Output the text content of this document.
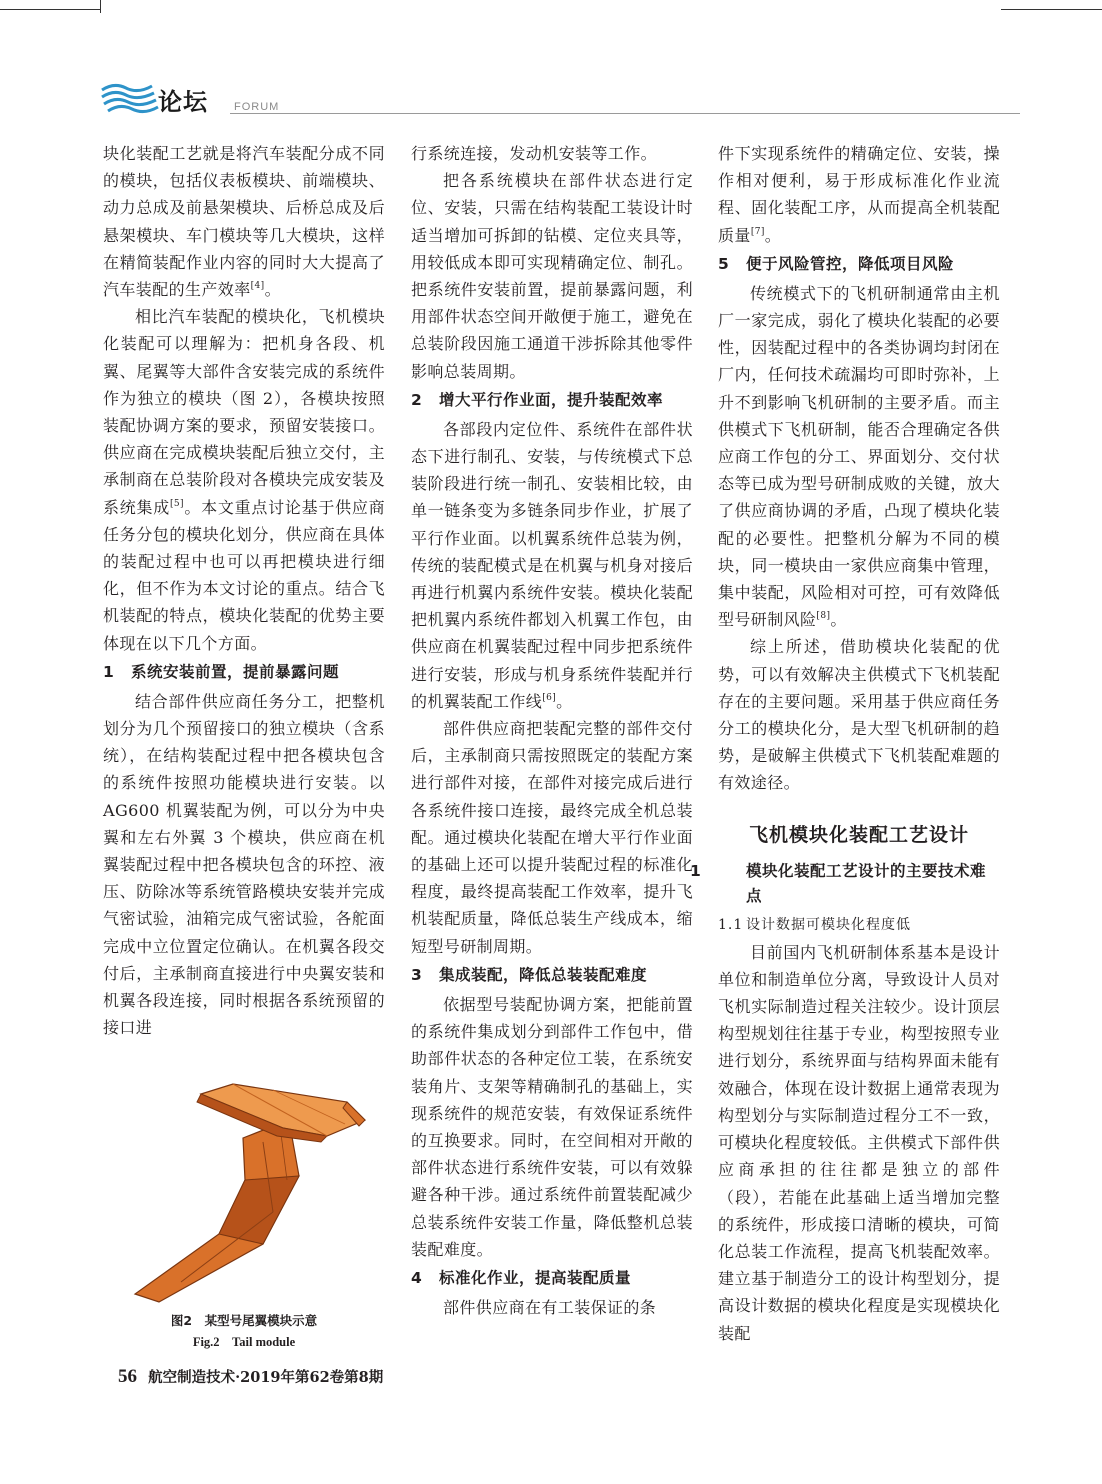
论坛 FORUM

块化装配工艺就是将汽车装配分成不同的模块，包括仪表板模块、前端模块、动力总成及前悬架模块、后桥总成及后悬架模块、车门模块等几大模块，这样在精简装配作业内容的同时大大提高了汽车装配的生产效率[4]。

相比汽车装配的模块化，飞机模块化装配可以理解为：把机身各段、机翼、尾翼等大部件含安装完成的系统件作为独立的模块（图 2），各模块按照装配协调方案的要求，预留安装接口。供应商在完成模块装配后独立交付，主承制商在总装阶段对各模块完成安装及系统集成[5]。本文重点讨论基于供应商任务分包的模块化划分，供应商在具体的装配过程中也可以再把模块进行细化，但不作为本文讨论的重点。结合飞机装配的特点，模块化装配的优势主要体现在以下几个方面。

1 系统安装前置，提前暴露问题

结合部件供应商任务分工，把整机划分为几个预留接口的独立模块（含系统），在结构装配过程中把各模块包含的系统件按照功能模块进行安装。以 AG600 机翼装配为例，可以分为中央翼和左右外翼 3 个模块，供应商在机翼装配过程中把各模块包含的环控、液压、防除冰等系统管路模块安装并完成气密试验，油箱完成气密试验，各舵面完成中立位置定位确认。在机翼各段交付后，主承制商直接进行中央翼安装和机翼各段连接，同时根据各系统预留的接口进

行系统连接，发动机安装等工作。

把各系统模块在部件状态进行定位、安装，只需在结构装配工装设计时适当增加可拆卸的钻模、定位夹具等，用较低成本即可实现精确定位、制孔。把系统件安装前置，提前暴露问题，利用部件状态空间开敞便于施工，避免在总装阶段因施工通道干涉拆除其他零件影响总装周期。

2 增大平行作业面，提升装配效率

各部段内定位件、系统件在部件状态下进行制孔、安装，与传统模式下总装阶段进行统一制孔、安装相比较，由单一链条变为多链条同步作业，扩展了平行作业面。以机翼系统件总装为例，传统的装配模式是在机翼与机身对接后再进行机翼内系统件安装。模块化装配把机翼内系统件都划入机翼工作包，由供应商在机翼装配过程中同步把系统件进行安装，形成与机身系统件装配并行的机翼装配工作线[6]。

部件供应商把装配完整的部件交付后，主承制商只需按照既定的装配方案进行部件对接，在部件对接完成后进行各系统件接口连接，最终完成全机总装配。通过模块化装配在增大平行作业面的基础上还可以提升装配过程的标准化程度，最终提高装配工作效率，提升飞机装配质量，降低总装生产线成本，缩短型号研制周期。

3 集成装配，降低总装装配难度

依据型号装配协调方案，把能前置的系统件集成划分到部件工作包中，借助部件状态的各种定位工装，在系统安装角片、支架等精确制孔的基础上，实现系统件的规范安装，有效保证系统件的互换要求。同时，在空间相对开敞的部件状态进行系统件安装，可以有效躲避各种干涉。通过系统件前置装配减少总装系统件安装工作量，降低整机总装装配难度。

4 标准化作业，提高装配质量

部件供应商在有工装保证的条

件下实现系统件的精确定位、安装，操作相对便利，易于形成标准化作业流程、固化装配工序，从而提高全机装配质量[7]。

5 便于风险管控，降低项目风险

传统模式下的飞机研制通常由主机厂一家完成，弱化了模块化装配的必要性，因装配过程中的各类协调均封闭在厂内，任何技术疏漏均可即时弥补，上升不到影响飞机研制的主要矛盾。而主供模式下飞机研制，能否合理确定各供应商工作包的分工、界面划分、交付状态等已成为型号研制成败的关键，放大了供应商协调的矛盾，凸现了模块化装配的必要性。把整机分解为不同的模块，同一模块由一家供应商集中管理，集中装配，风险相对可控，可有效降低型号研制风险[8]。

综上所述，借助模块化装配的优势，可以有效解决主供模式下飞机装配存在的主要问题。采用基于供应商任务分工的模块化分，是大型飞机研制的趋势，是破解主供模式下飞机装配难题的有效途径。

飞机模块化装配工艺设计
1	模块化装配工艺设计的主要技术难点
1.1 设计数据可模块化程度低

目前国内飞机研制体系基本是设计单位和制造单位分离，导致设计人员对飞机实际制造过程关注较少。设计顶层构型规划往往基于专业，构型按照专业进行划分，系统界面与结构界面未能有效融合，体现在设计数据上通常表现为构型划分与实际制造过程分工不一致，可模块化程度较低。主供模式下部件供应商承担的往往都是独立的部件（段），若能在此基础上适当增加完整的系统件，形成接口清晰的模块，可简化总装工作流程，提高飞机装配效率。建立基于制造分工的设计构型划分，提高设计数据的模块化程度是实现模块化装配

图2　某型号尾翼模块示意
Fig.2　Tail module
56 航空制造技术·2019年第62卷第8期
